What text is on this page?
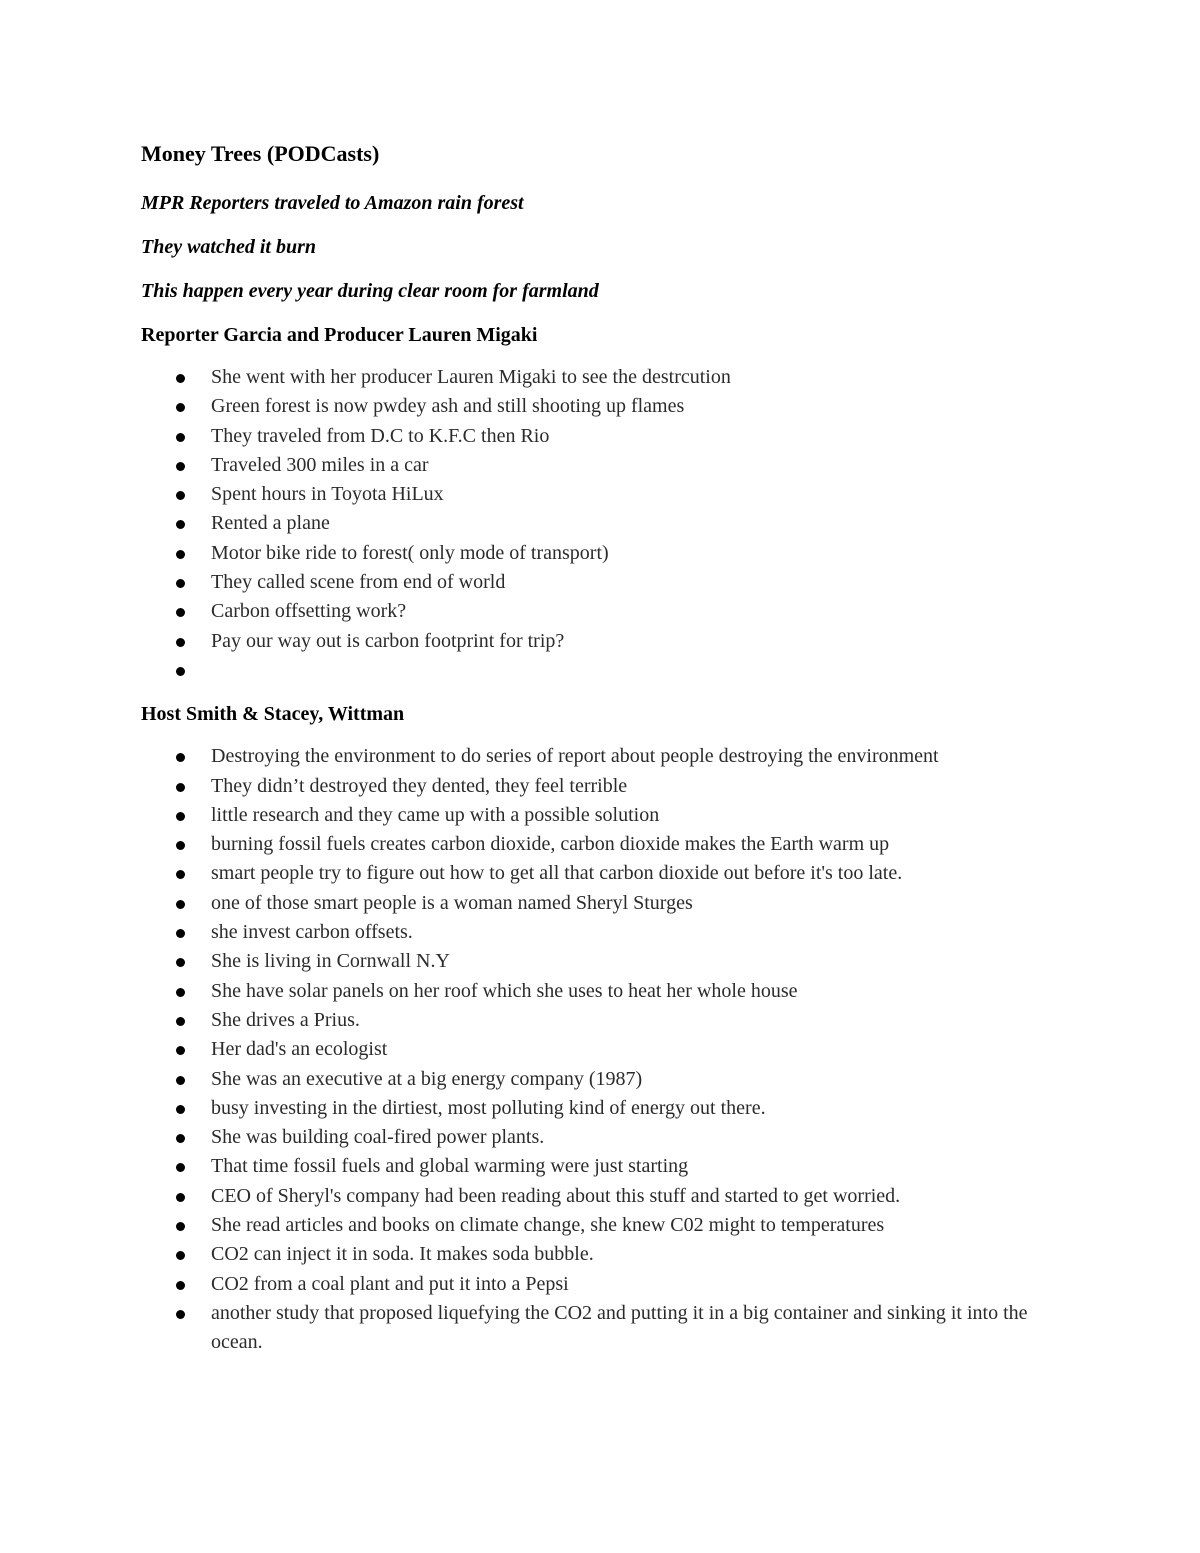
Money Trees (PODCasts)
MPR Reporters traveled to Amazon rain forest
They watched it burn
This happen every year during clear room for farmland
Reporter Garcia and Producer Lauren Migaki
She went with her producer Lauren Migaki to see the destrcution
Green forest is now pwdey ash and still shooting up flames
They traveled from D.C to K.F.C then Rio
Traveled 300 miles in a car
Spent hours in Toyota HiLux
Rented a plane
Motor bike ride to forest( only mode of transport)
They called scene from end of world
Carbon offsetting work?
Pay our way out is carbon footprint for trip?
Host Smith & Stacey, Wittman
Destroying the environment to do series of report about people destroying the environment
They didn’t destroyed they dented, they feel terrible
little research and they came up with a possible solution
burning fossil fuels creates carbon dioxide, carbon dioxide makes the Earth warm up
smart people try to figure out how to get all that carbon dioxide out before it's too late.
one of those smart people is a woman named Sheryl Sturges
she invest carbon offsets.
She is living in Cornwall N.Y
She have solar panels on her roof which she uses to heat her whole house
She drives a Prius.
Her dad's an ecologist
She was an executive at a big energy company (1987)
busy investing in the dirtiest, most polluting kind of energy out there.
She was building coal-fired power plants.
That time fossil fuels and global warming were just starting
CEO of Sheryl's company had been reading about this stuff and started to get worried.
She read articles and books on climate change, she knew C02 might to temperatures
CO2 can inject it in soda. It makes soda bubble.
CO2 from a coal plant and put it into a Pepsi
another study that proposed liquefying the CO2 and putting it in a big container and sinking it into the ocean.
